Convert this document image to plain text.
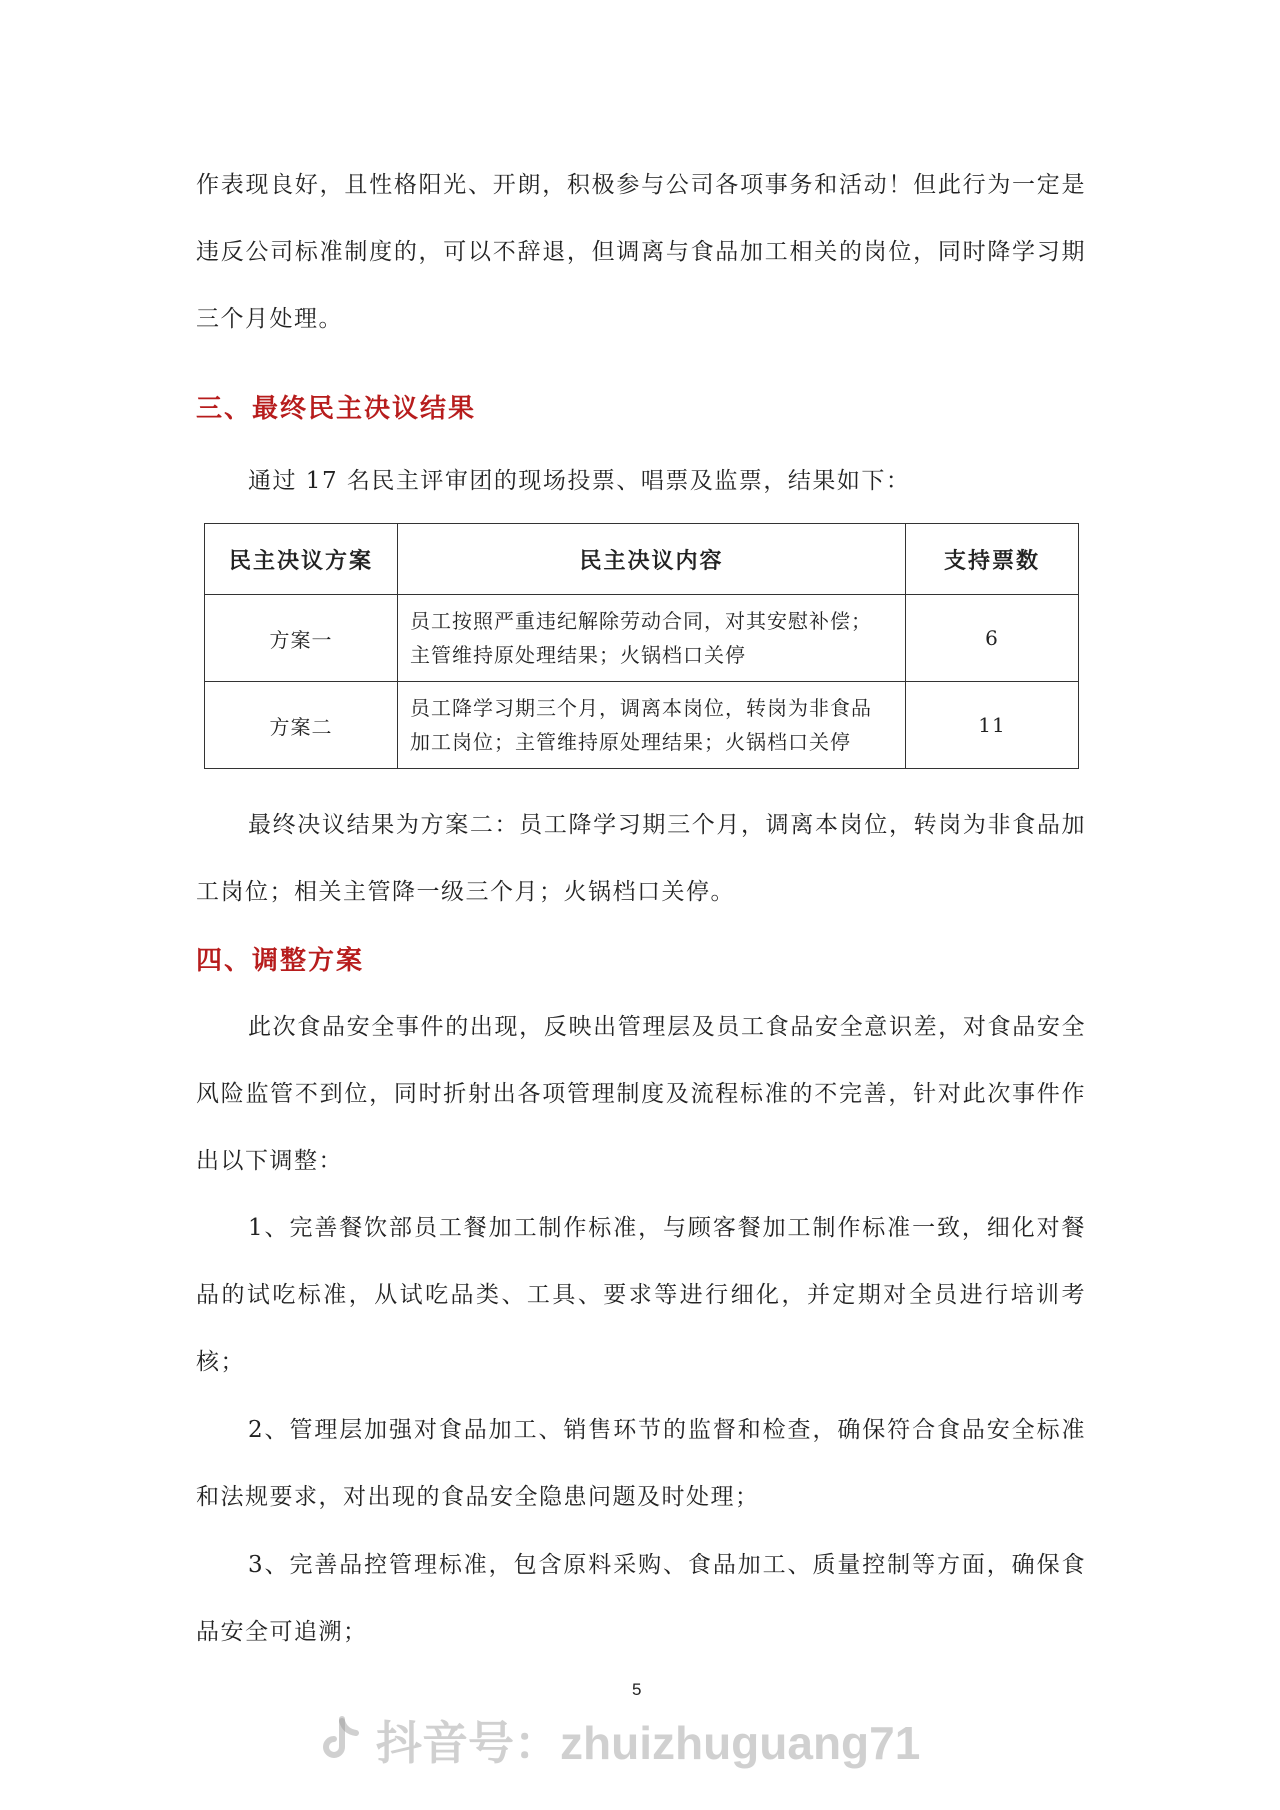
作表现良好，且性格阳光、开朗，积极参与公司各项事务和活动！但此行为一定是违反公司标准制度的，可以不辞退，但调离与食品加工相关的岗位，同时降学习期三个月处理。

三、最终民主决议结果
通过 17 名民主评审团的现场投票、唱票及监票，结果如下：
民主决议方案	民主决议内容	支持票数
方案一	员工按照严重违纪解除劳动合同，对其安慰补偿；
主管维持原处理结果；火锅档口关停	6
方案二	员工降学习期三个月，调离本岗位，转岗为非食品
加工岗位；主管维持原处理结果；火锅档口关停	11

最终决议结果为方案二：员工降学习期三个月，调离本岗位，转岗为非食品加工岗位；相关主管降一级三个月；火锅档口关停。

四、调整方案

此次食品安全事件的出现，反映出管理层及员工食品安全意识差，对食品安全风险监管不到位，同时折射出各项管理制度及流程标准的不完善，针对此次事件作出以下调整：

1、完善餐饮部员工餐加工制作标准，与顾客餐加工制作标准一致，细化对餐品的试吃标准，从试吃品类、工具、要求等进行细化，并定期对全员进行培训考核；

2、管理层加强对食品加工、销售环节的监督和检查，确保符合食品安全标准和法规要求，对出现的食品安全隐患问题及时处理；

3、完善品控管理标准，包含原料采购、食品加工、质量控制等方面，确保食品安全可追溯；

5
抖音号：zhuizhuguang71
